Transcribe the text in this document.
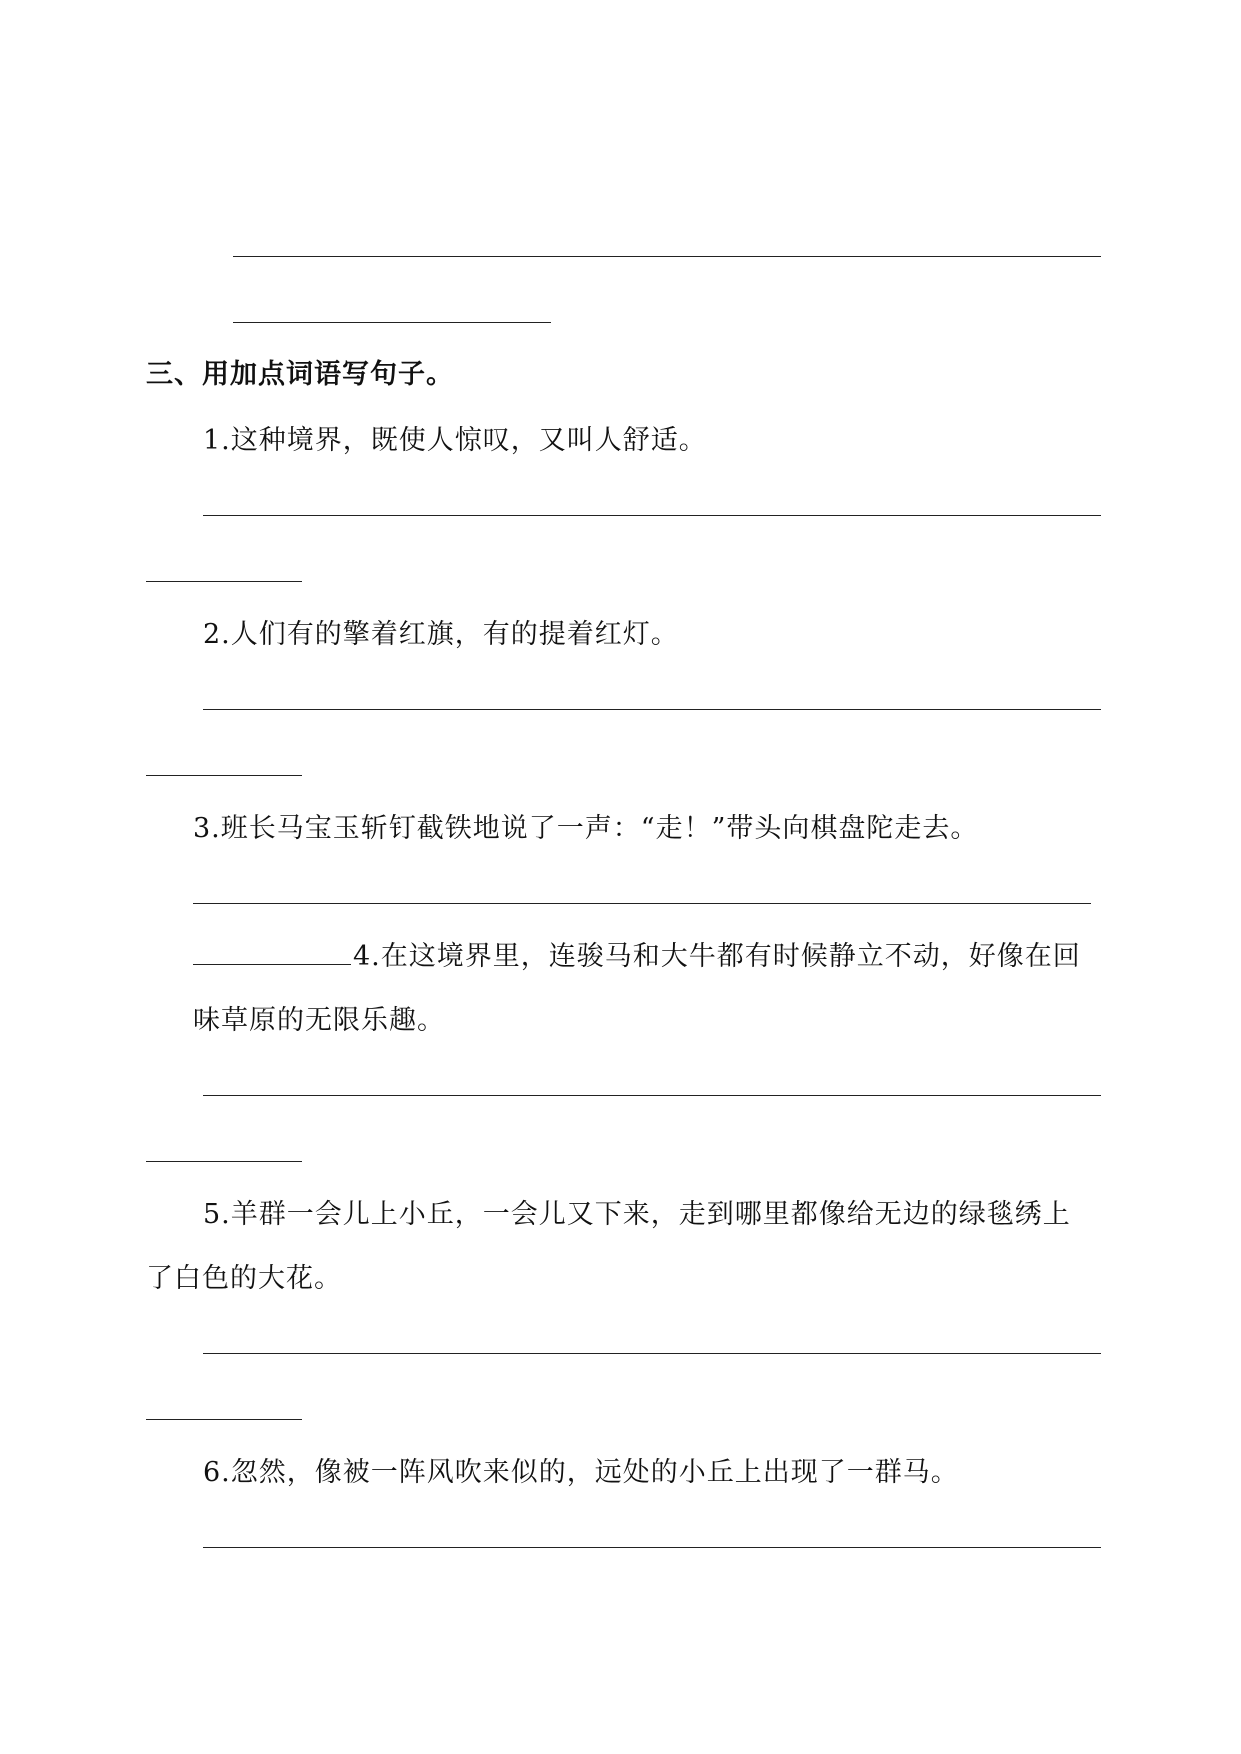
三、用加点词语写句子。
1.这种境界，既使人惊叹，又叫人舒适。
2.人们有的擎着红旗，有的提着红灯。
3.班长马宝玉斩钉截铁地说了一声：“走！”带头向棋盘陀走去。
4.在这境界里，连骏马和大牛都有时候静立不动，好像在回
味草原的无限乐趣。
5.羊群一会儿上小丘，一会儿又下来，走到哪里都像给无边的绿毯绣上
了白色的大花。
6.忽然，像被一阵风吹来似的，远处的小丘上出现了一群马。
